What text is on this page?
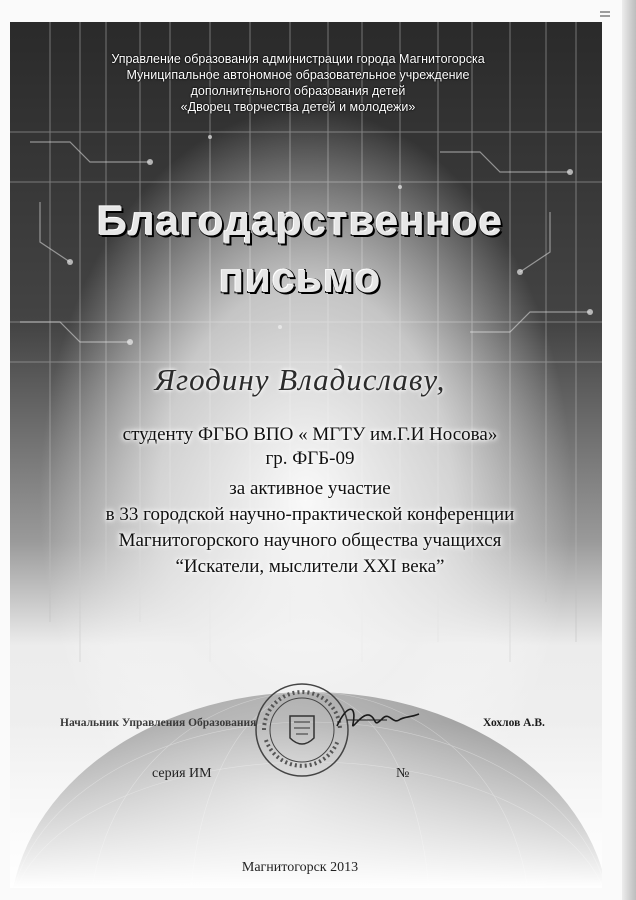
Управление образования администрации города Магнитогорска
Муниципальное автономное образовательное учреждение
дополнительного образования детей
«Дворец творчества детей и молодежи»
Благодарственное
письмо
Ягодину Владиславу,
студенту ФГБО ВПО « МГТУ им.Г.И Носова»
гр. ФГБ-09
за активное участие
в 33 городской научно-практической конференции
Магнитогорского научного общества учащихся
“Искатели, мыслители XXI века”
Начальник Управления Образования	Хохлов А.В.
серия ИМ	№
Магнитогорск 2013
